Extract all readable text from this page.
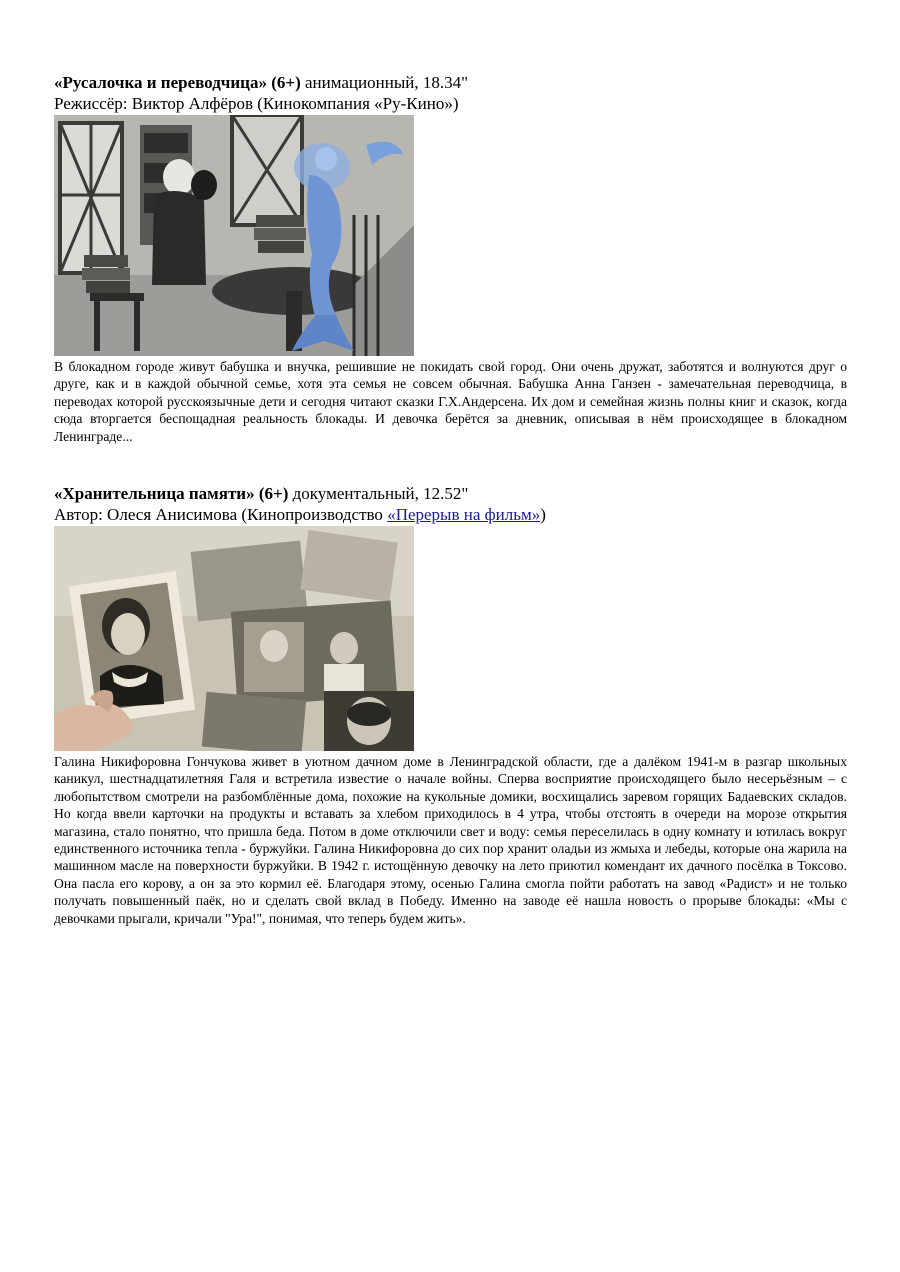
«Русалочка и переводчица» (6+) анимационный, 18.34"
Режиссёр: Виктор Алфёров (Кинокомпания «Ру-Кино»)

В блокадном городе живут бабушка и внучка, решившие не покидать свой город. Они очень дружат, заботятся и волнуются друг о друге, как и в каждой обычной семье, хотя эта семья не совсем обычная. Бабушка Анна Ганзен - замечательная переводчица, в переводах которой русскоязычные дети и сегодня читают сказки Г.Х.Андерсена. Их дом и семейная жизнь полны книг и сказок, когда сюда вторгается беспощадная реальность блокады. И девочка берётся за дневник, описывая в нём происходящее в блокадном Ленинграде...

«Хранительница памяти» (6+) документальный, 12.52"
Автор: Олеся Анисимова (Кинопроизводство «Перерыв на фильм»)

Галина Никифоровна Гончукова живет в уютном дачном доме в Ленинградской области, где а далёком 1941-м в разгар школьных каникул, шестнадцатилетняя Галя и встретила известие о начале войны. Сперва восприятие происходящего было несерьёзным – с любопытством смотрели на разбомблённые дома, похожие на кукольные домики, восхищались заревом горящих Бадаевских складов. Но когда ввели карточки на продукты и вставать за хлебом приходилось в 4 утра, чтобы отстоять в очереди на морозе открытия магазина, стало понятно, что пришла беда. Потом в доме отключили свет и воду: семья переселилась в одну комнату и ютилась вокруг единственного источника тепла - буржуйки. Галина Никифоровна до сих пор хранит оладьи из жмыха и лебеды, которые она жарила на машинном масле на поверхности буржуйки. В 1942 г. истощённую девочку на лето приютил комендант их дачного посёлка в Токсово. Она пасла его корову, а он за это кормил её. Благодаря этому, осенью Галина смогла пойти работать на завод «Радист» и не только получать повышенный паёк, но и сделать свой вклад в Победу. Именно на заводе её нашла новость о прорыве блокады: «Мы с девочками прыгали, кричали "Ура!", понимая, что теперь будем жить».
